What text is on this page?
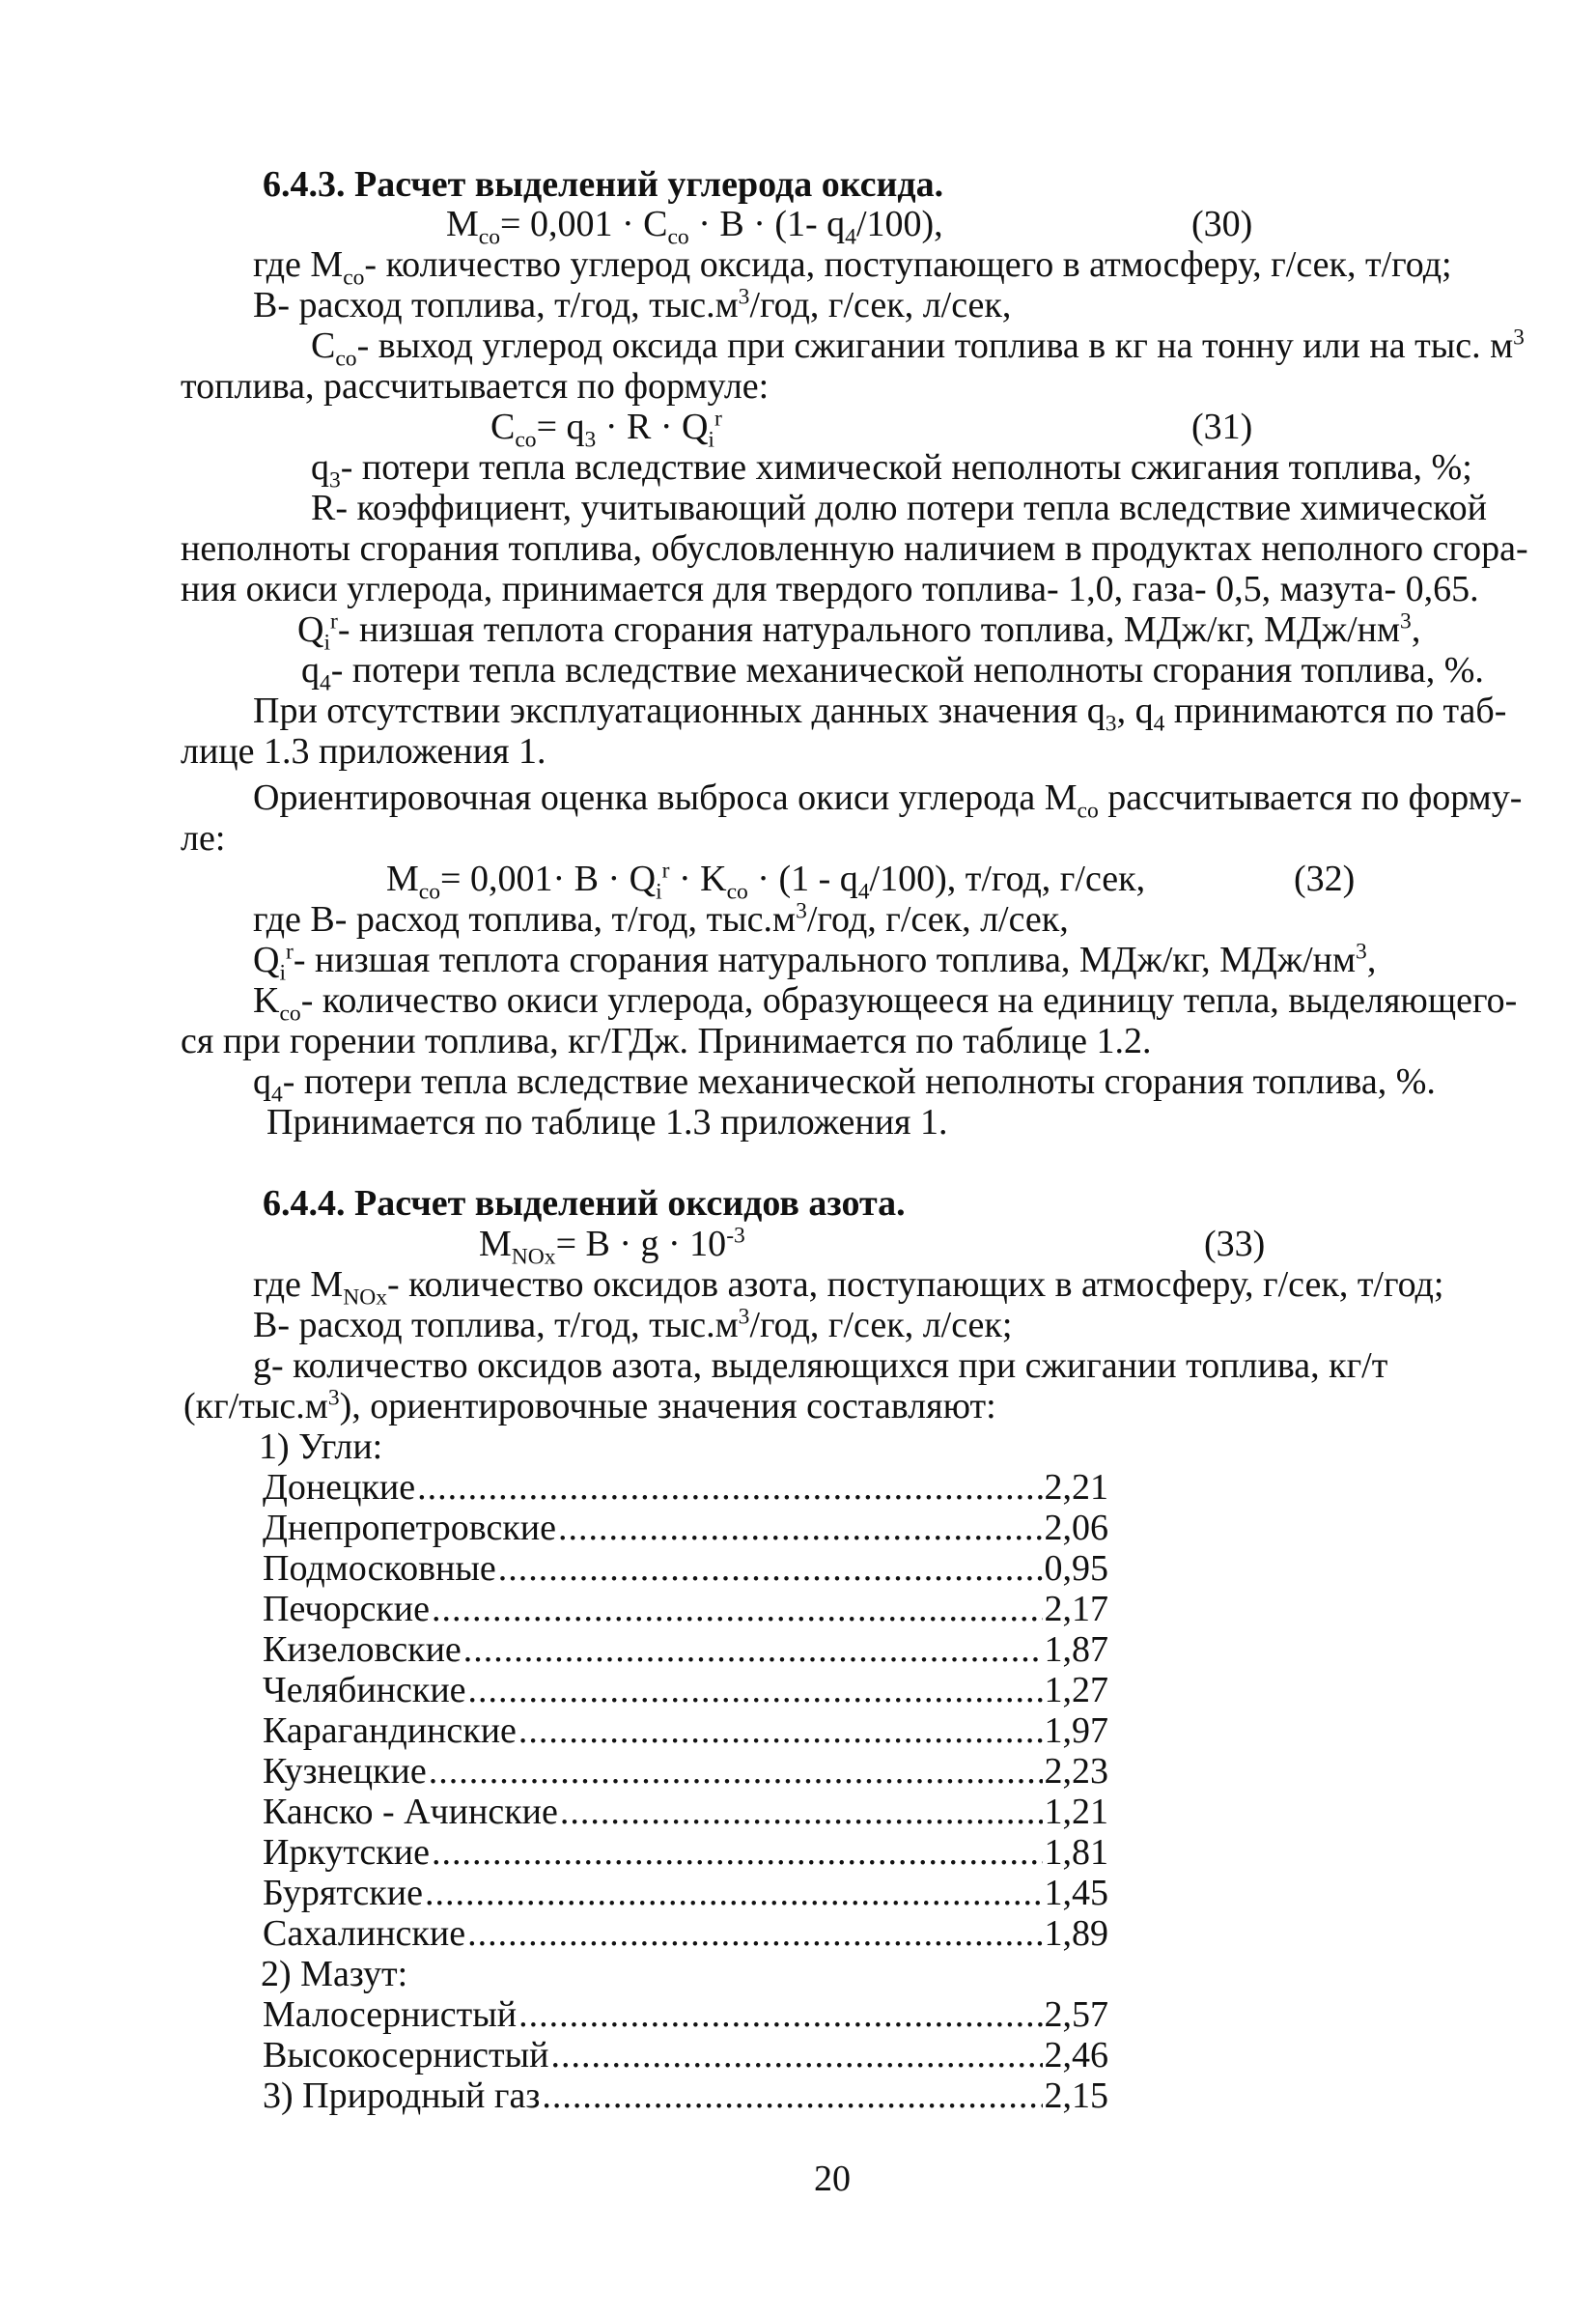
6.4.3. Расчет выделений углерода оксида.
$M_{со}= 0,001 \cdot C_{со} \cdot B \cdot (1-$ $q_4/100$),	(30)
где $M_{со}-$ количество углерод оксида, поступающего в атмосферу, г/сек, т/год;
B- расход топлива, т/год, $тыс.м^3$/год, г/сек, л/сек,
$C_{со}-$ выход углерод оксида при сжигании топлива в кг на тонну или на тыс. $м^3$
топлива, рассчитывается по формуле:
$C_{со}= q_3 \cdot R \cdot Q_i^r$	(31)
$q_3-$ потери тепла вследствие химической неполноты сжигания топлива, %;
R- коэффициент, учитывающий долю потери тепла вследствие химической
неполноты сгорания топлива, обусловленную наличием в продуктах неполного сгора-
ния окиси углерода, принимается для твердого топлива- 1,0, газа- 0,5, мазута- 0,65.
$Q_i^r-$ низшая теплота сгорания натурального топлива, МДж/кг, МДж/$нм^3$,
$q_4-$ потери тепла вследствие механической неполноты сгорания топлива, %.
При отсутствии эксплуатационных данных значения $q_3$, $q_4$ принимаются по таб-
лице 1.3 приложения 1.
Ориентировочная оценка выброса окиси углерода $M_{со}$ рассчитывается по форму-
ле:
$M_{со}= 0,001\cdot B \cdot Q_i^r \cdot K_{со} \cdot (1 - q_4/100)$, т/год, г/сек,	(32)
где B- расход топлива, т/год, $тыс.м^3$/год, г/сек, л/сек,
$Q_i^r-$ низшая теплота сгорания натурального топлива, МДж/кг, МДж/$нм^3$,
$K_{со}-$ количество окиси углерода, образующееся на единицу тепла, выделяющего-
ся при горении топлива, кг/ГДж. Принимается по таблице 1.2.
$q_4-$ потери тепла вследствие механической неполноты сгорания топлива, %.
Принимается по таблице 1.3 приложения 1.
6.4.4. Расчет выделений оксидов азота.
$M_{NOx}= B \cdot g \cdot 10^{-3}$	(33)
где $M_{NOx}-$ количество оксидов азота, поступающих в атмосферу, г/сек, т/год;
B- расход топлива, т/год, $тыс.м^3$/год, г/сек, л/сек;
g- количество оксидов азота, выделяющихся при сжигании топлива, кг/т
$(кг/тыс.м^3)$, ориентировочные значения составляют:
1) Угли:
Донецкие .....	2,21
Днепропетровские .....	2,06
Подмосковные .....	0,95
Печорские .....	2,17
Кизеловские .....	1,87
Челябинские .....	1,27
Карагандинские .....	1,97
Кузнецкие .....	2,23
Канско - Ачинские .....	1,21
Иркутские .....	1,81
Бурятские .....	1,45
Сахалинские .....	1,89
2) Мазут:
Малосернистый .....	2,57
Высокосернистый .....	2,46
3) Природный газ .....	2,15
20
